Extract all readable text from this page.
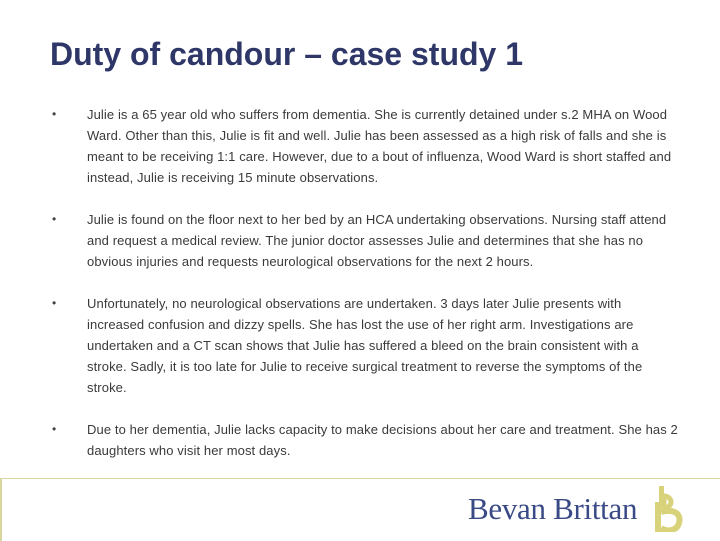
Duty of candour – case study 1
•	Julie is a 65 year old who suffers from dementia. She is currently detained under s.2 MHA on Wood Ward. Other than this, Julie is fit and well. Julie has been assessed as a high risk of falls and she is meant to be receiving 1:1 care. However, due to a bout of influenza, Wood Ward is short staffed and instead, Julie is receiving 15 minute observations.
•	Julie is found on the floor next to her bed by an HCA undertaking observations. Nursing staff attend and request a medical review. The junior doctor assesses Julie and determines that she has no obvious injuries and requests neurological observations for the next 2 hours.
•	Unfortunately, no neurological observations are undertaken. 3 days later Julie presents with increased confusion and dizzy spells. She has lost the use of her right arm. Investigations are undertaken and a CT scan shows that Julie has suffered a bleed on the brain consistent with a stroke. Sadly, it is too late for Julie to receive surgical treatment to reverse the symptoms of the stroke.
•	Due to her dementia, Julie lacks capacity to make decisions about her care and treatment. She has 2 daughters who visit her most days.
Bevan Brittan
